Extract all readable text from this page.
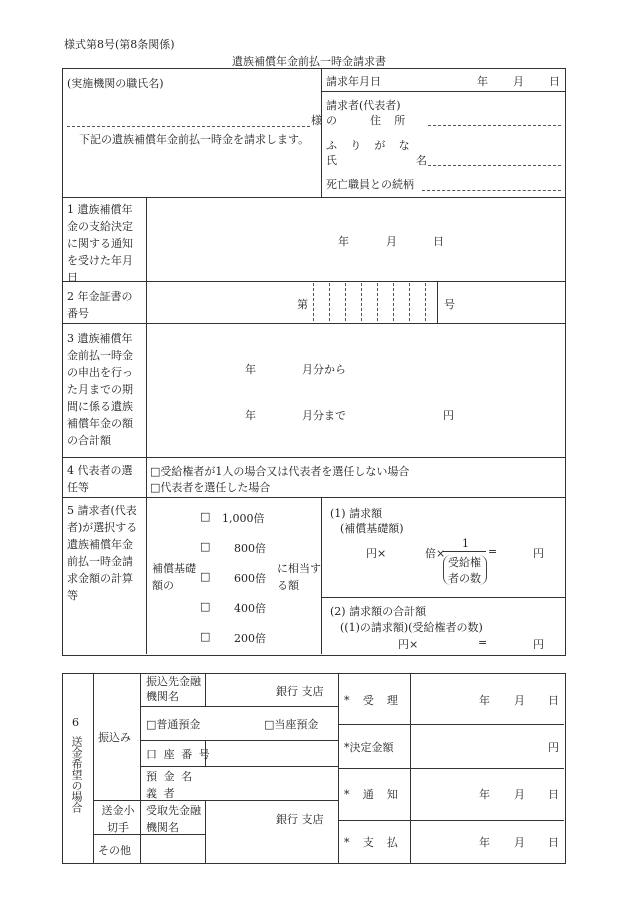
様式第8号(第8条関係)
遺族補償年金前払一時金請求書
(実施機関の職氏名)
様
下記の遺族補償年金前払一時金を請求します。
請求年月日	年 月 日
請求者(代表者)
の	住所
ふりがな
氏	名
死亡職員との続柄
1 遺族補償年金の支給決定に関する通知を受けた年月日
年	月	日
2 年金証書の番号
第	号
3 遺族補償年金前払一時金の申出を行った月までの期間に係る遺族補償年金の額の合計額
年	月分から
年	月分まで	円
4 代表者の選任等
□受給権者が1人の場合又は代表者を選任しない場合
□代表者を選任した場合
5 請求者(代表者)が選択する遺族補償年金前払一時金請求金額の計算等
補償基礎額の
□ 1,000倍
□ 800倍
□ 600倍
□ 400倍
□ 200倍
に相当する額
(1) 請求額
(補償基礎額)
円×	倍×
1
受給権
者の数
=	円
(2) 請求額の合計額
((1)の請求額)(受給権者の数)
円×	=	円
6
送金希望の場合 振込み
振込先金融機関名	銀行 支店
□普通預金	□当座預金
口座番号
預金名義者
送金小切手
受取先金融機関名
銀行 支店
その他
*受理	年 月 日
*決定金額	円
*通知	年 月 日
*支払	年 月 日
